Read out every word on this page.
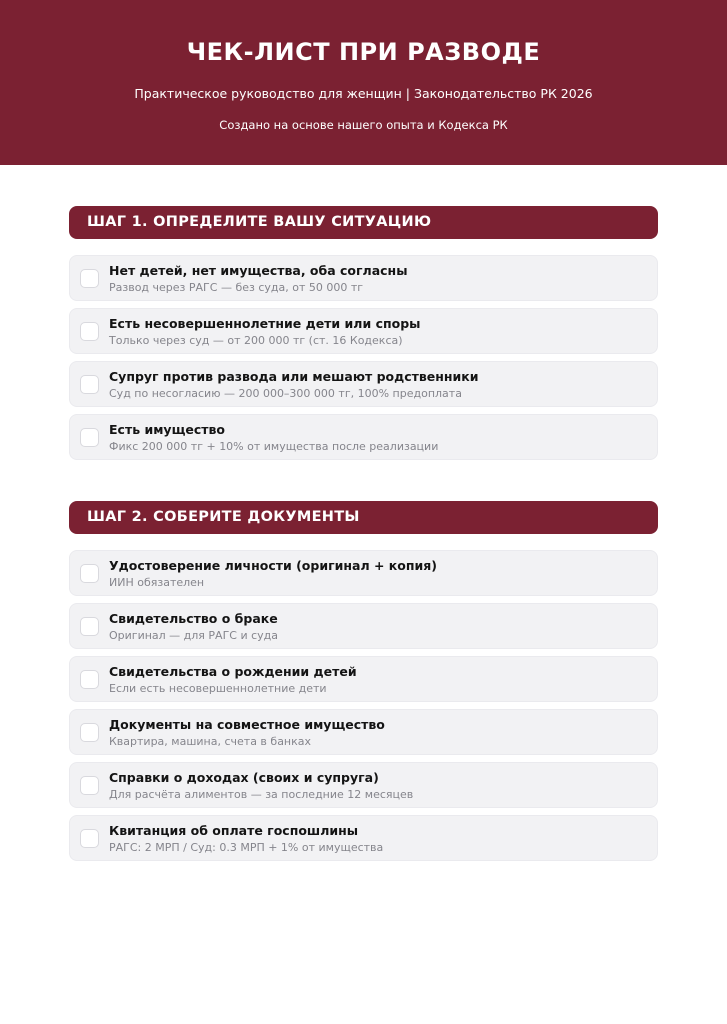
ЧЕК-ЛИСТ ПРИ РАЗВОДЕ
Практическое руководство для женщин | Законодательство РК 2026
Создано на основе нашего опыта и Кодекса РК
ШАГ 1. ОПРЕДЕЛИТЕ ВАШУ СИТУАЦИЮ
Нет детей, нет имущества, оба согласны
Развод через РАГС — без суда, от 50 000 тг
Есть несовершеннолетние дети или споры
Только через суд — от 200 000 тг (ст. 16 Кодекса)
Супруг против развода или мешают родственники
Суд по несогласию — 200 000–300 000 тг, 100% предоплата
Есть имущество
Фикс 200 000 тг + 10% от имущества после реализации
ШАГ 2. СОБЕРИТЕ ДОКУМЕНТЫ
Удостоверение личности (оригинал + копия)
ИИН обязателен
Свидетельство о браке
Оригинал — для РАГС и суда
Свидетельства о рождении детей
Если есть несовершеннолетние дети
Документы на совместное имущество
Квартира, машина, счета в банках
Справки о доходах (своих и супруга)
Для расчёта алиментов — за последние 12 месяцев
Квитанция об оплате госпошлины
РАГС: 2 МРП / Суд: 0.3 МРП + 1% от имущества
